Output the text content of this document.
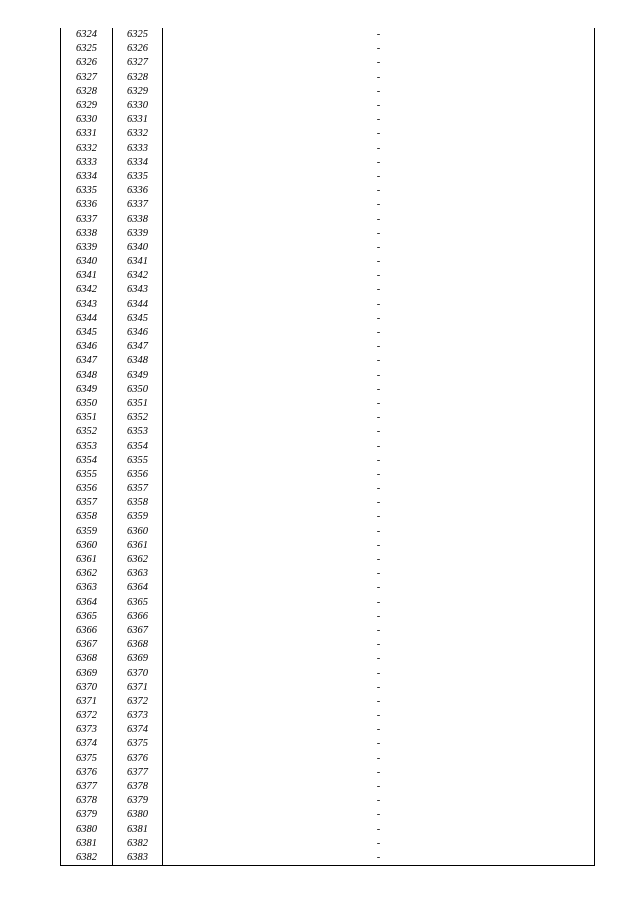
6324	6325	-
6325	6326	-
6326	6327	-
6327	6328	-
6328	6329	-
6329	6330	-
6330	6331	-
6331	6332	-
6332	6333	-
6333	6334	-
6334	6335	-
6335	6336	-
6336	6337	-
6337	6338	-
6338	6339	-
6339	6340	-
6340	6341	-
6341	6342	-
6342	6343	-
6343	6344	-
6344	6345	-
6345	6346	-
6346	6347	-
6347	6348	-
6348	6349	-
6349	6350	-
6350	6351	-
6351	6352	-
6352	6353	-
6353	6354	-
6354	6355	-
6355	6356	-
6356	6357	-
6357	6358	-
6358	6359	-
6359	6360	-
6360	6361	-
6361	6362	-
6362	6363	-
6363	6364	-
6364	6365	-
6365	6366	-
6366	6367	-
6367	6368	-
6368	6369	-
6369	6370	-
6370	6371	-
6371	6372	-
6372	6373	-
6373	6374	-
6374	6375	-
6375	6376	-
6376	6377	-
6377	6378	-
6378	6379	-
6379	6380	-
6380	6381	-
6381	6382	-
6382	6383	-
